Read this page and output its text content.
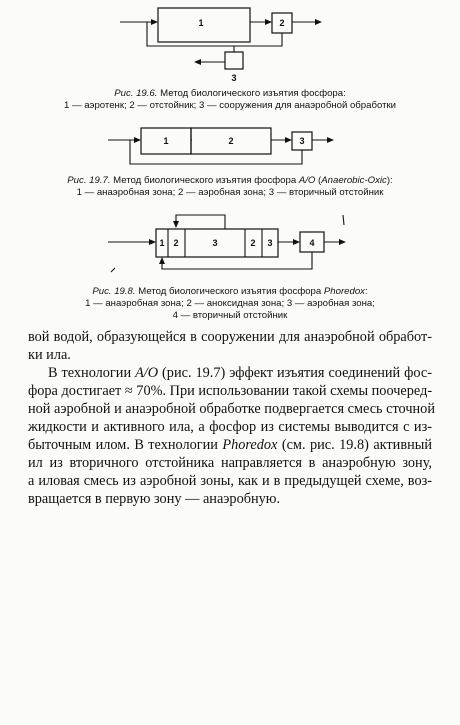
1	2
3
Рис. 19.6. Метод биологического изъятия фосфора:
1 — аэротенк; 2 — отстойник; 3 — сооружения для анаэробной обработки
1	2	3
Рис. 19.7. Метод биологического изъятия фосфора A/O (Anaerobic-Oxic):
1 — анаэробная зона; 2 — аэробная зона; 3 — вторичный отстойник
1 2	3	2 3	4
Рис. 19.8. Метод биологического изъятия фосфора Phoredox:
1 — анаэробная зона; 2 — аноксидная зона; 3 — аэробная зона;
4 — вторичный отстойник
вой водой, образующейся в сооружении для анаэробной обработ-
ки ила.
В технологии A/O (рис. 19.7) эффект изъятия соединений фос-
фора достигает ≈ 70%. При использовании такой схемы поочеред-
ной аэробной и анаэробной обработке подвергается смесь сточной
жидкости и активного ила, а фосфор из системы выводится с из-
быточным илом. В технологии Phoredox (см. рис. 19.8) активный
ил из вторичного отстойника направляется в анаэробную зону,
а иловая смесь из аэробной зоны, как и в предыдущей схеме, воз-
вращается в первую зону — анаэробную.
